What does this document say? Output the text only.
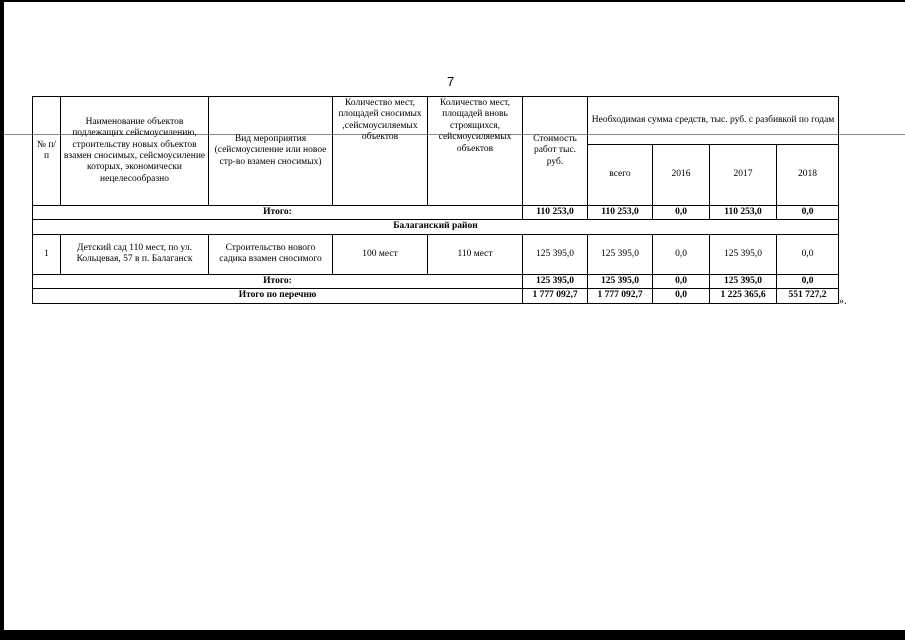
7
№ п/п	Наименование объектов подлежащих сейсмоусилению, строительству новых объектов взамен сносимых, сейсмоусиление которых, экономически нецелесообразно	Вид мероприятия (сейсмоусиление или новое стр-во взамен сносимых)	Количество мест, площадей сносимых ,сейсмоусиляемых объектов	Количество мест, площадей вновь строящихся, сейсмоусиляемых объектов	Стоимость работ тыс. руб.	Необходимая сумма средств, тыс. руб. с разбивкой по годам			
						всего	2016	2017	2018
Итого:					110 253,0	110 253,0	0,0	110 253,0	0,0
Балаганский район									
1	Детский сад 110 мест, по ул. Кольцевая, 57 в п. Балаганск	Строительство нового садика взамен сносимого	100 мест	110 мест	125 395,0	125 395,0	0,0	125 395,0	0,0
Итого:					125 395,0	125 395,0	0,0	125 395,0	0,0
Итого по перечню					1 777 092,7	1 777 092,7	0,0	1 225 365,6	551 727,2
».
